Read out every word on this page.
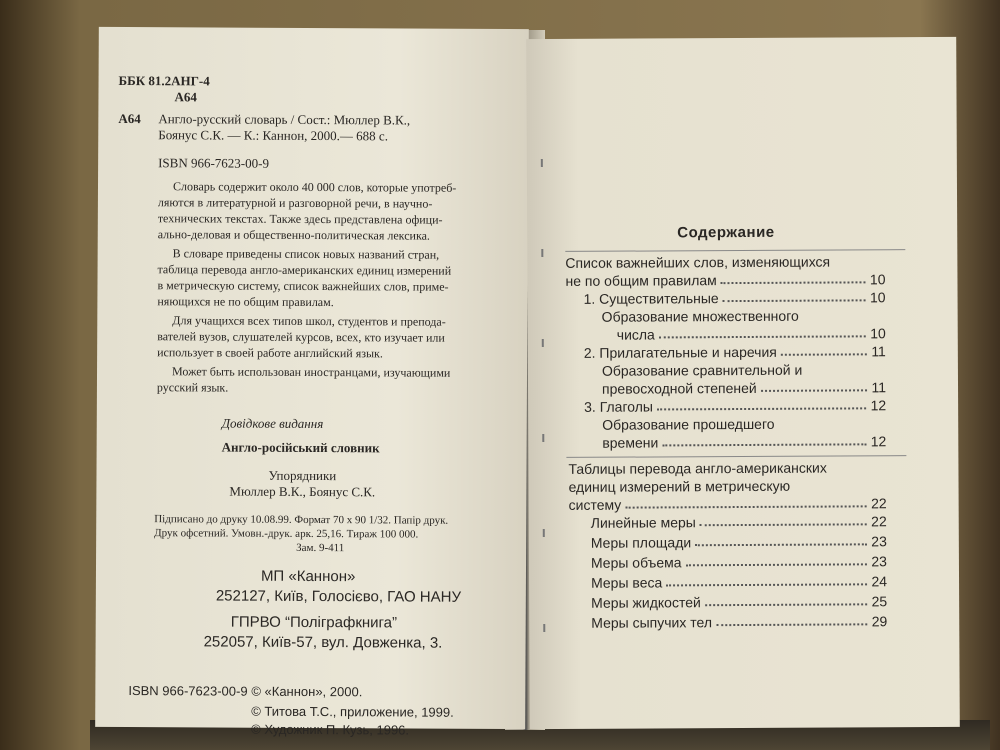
ББК 81.2АНГ-4
А64
А64 Англо-русский словарь / Сост.: Мюллер В.К.,
Боянус С.К. — К.: Каннон, 2000.— 688 с.
ISBN 966-7623-00-9
Словарь содержит около 40 000 слов, которые употреб-
ляются в литературной и разговорной речи, в научно-
технических текстах. Также здесь представлена офици-
ально-деловая и общественно-политическая лексика.
В словаре приведены список новых названий стран,
таблица перевода англо-американских единиц измерений
в метрическую систему, список важнейших слов, приме-
няющихся не по общим правилам.
Для учащихся всех типов школ, студентов и препода-
вателей вузов, слушателей курсов, всех, кто изучает или
использует в своей работе английский язык.
Может быть использован иностранцами, изучающими
русский язык.
Довідкове видання
Англо-російський словник
Упорядники
Мюллер В.К., Боянус С.К.
Підписано до друку 10.08.99. Формат 70 х 90 1/32. Папір друк.
Друк офсетний. Умовн.-друк. арк. 25,16. Тираж 100 000.
Зам. 9-411
МП «Каннон»
252127, Київ, Голосієво, ГАО НАНУ
ГПРВО “Поліграфкнига”
252057, Київ-57, вул. Довженка, 3.
ISBN 966-7623-00-9 © «Каннон», 2000.
© Титова Т.С., приложение, 1999.
© Художник П. Кузь, 1996.
Содержание
Список важнейших слов, изменяющихся
не по общим правилам	10
1. Существительные	10
Образование множественного
числа	10
2. Прилагательные и наречия	11
Образование сравнительной и
превосходной степеней	11
3. Глаголы	12
Образование прошедшего
времени	12
Таблицы перевода англо-американских
единиц измерений в метрическую
систему	22
Линейные меры	22
Меры площади	23
Меры объема	23
Меры веса	24
Меры жидкостей	25
Меры сыпучих тел	29
